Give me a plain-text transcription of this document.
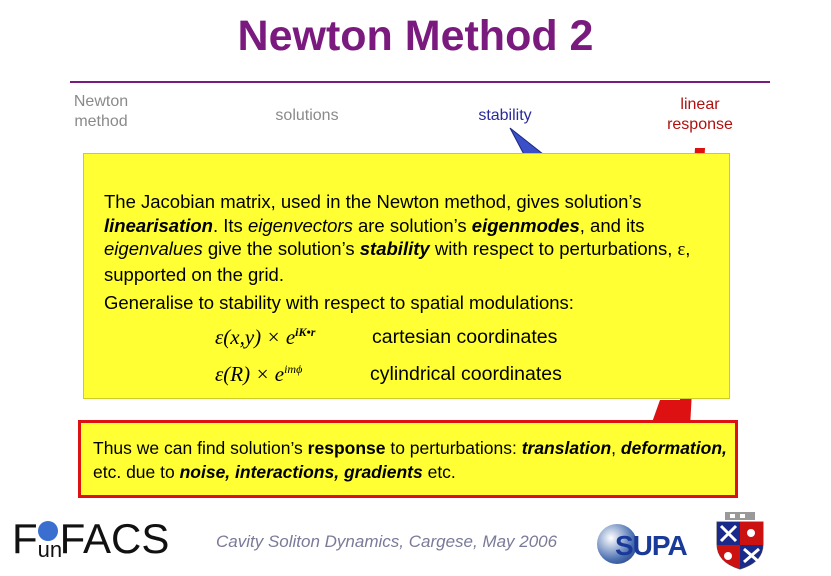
Newton Method 2
Newton
method	solutions	stability
linear
response
The Jacobian matrix, used in the Newton method, gives solution’s linearisation. Its eigenvectors are solution’s eigenmodes, and its eigenvalues give the solution’s stability with respect to perturbations, ε, supported on the grid.
Generalise to stability with respect to spatial modulations:
$\varepsilon(x,y) \times e^{iK•r}$	cartesian coordinates
$\varepsilon(R) \times e^{im\phi}$	cylindrical coordinates
Thus we can find solution’s response to perturbations: translation, deformation, etc. due to noise, interactions, gradients etc.
F un
FACS	Cavity Soliton Dynamics, Cargese, May 2006 SUPA
